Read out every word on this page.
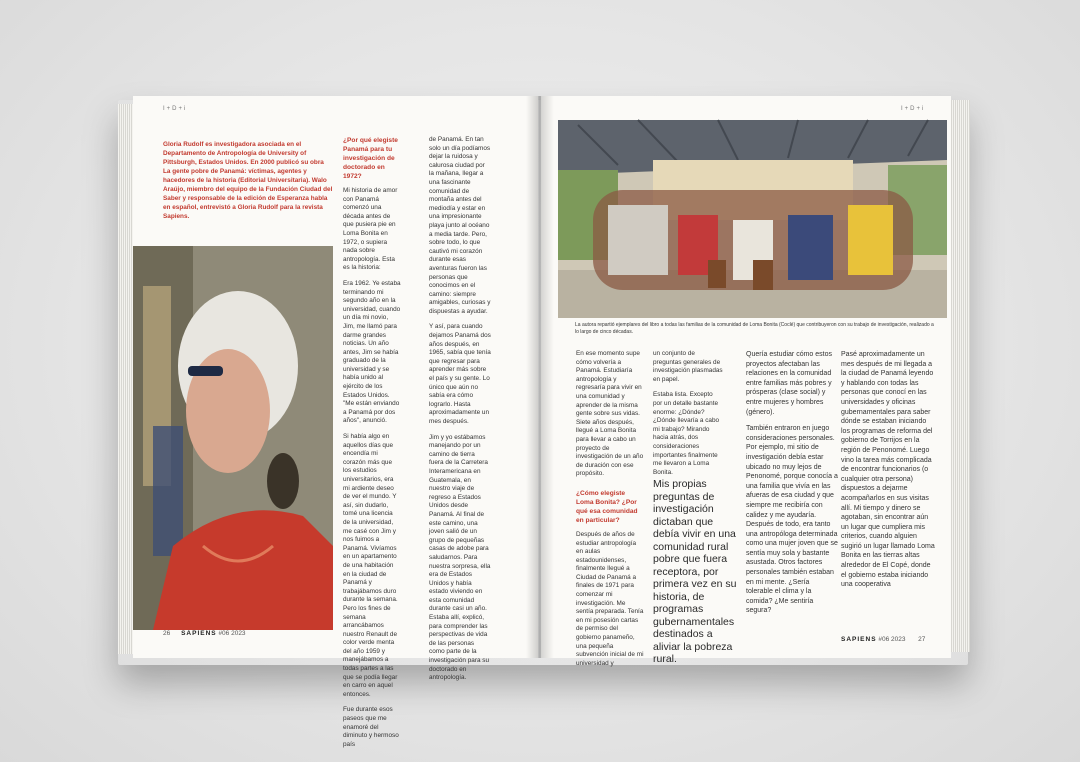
I+D+i
Gloria Rudolf es investigadora asociada en el Departamento de Antropología de University of Pittsburgh, Estados Unidos. En 2000 publicó su obra La gente pobre de Panamá: víctimas, agentes y hacedores de la historia (Editorial Universitaria). Walo Araújo, miembro del equipo de la Fundación Ciudad del Saber y responsable de la edición de Esperanza habla en español, entrevistó a Gloria Rudolf para la revista Sapiens.
¿Por qué elegiste Panamá para tu investigación de doctorado en 1972?

Mi historia de amor con Panamá comenzó una década antes de que pusiera pie en Loma Bonita en 1972, o supiera nada sobre antropología. Esta es la historia:

Era 1962. Ye estaba terminando mi segundo año en la universidad, cuando un día mi novio, Jim, me llamó para darme grandes noticias. Un año antes, Jim se había graduado de la universidad y se había unido al ejército de los Estados Unidos. "Me están enviando a Panamá por dos años", anunció.

Si había algo en aquellos días que encendía mi corazón más que los estudios universitarios, era mi ardiente deseo de ver el mundo. Y así, sin dudarlo, tomé una licencia de la universidad, me casé con Jim y nos fuimos a Panamá. Vivíamos en un apartamento de una habitación en la ciudad de Panamá y trabajábamos duro durante la semana. Pero los fines de semana arrancábamos nuestro Renault de color verde menta del año 1959 y manejábamos a todas partes a las que se podía llegar en carro en aquel entonces.

Fue durante esos paseos que me enamoré del diminuto y hermoso país

de Panamá. En tan solo un día podíamos dejar la ruidosa y calurosa ciudad por la mañana, llegar a una fascinante comunidad de montaña antes del mediodía y estar en una impresionante playa junto al océano a media tarde. Pero, sobre todo, lo que cautivó mi corazón durante esas aventuras fueron las personas que conocimos en el camino: siempre amigables, curiosas y dispuestas a ayudar.

Y así, para cuando dejamos Panamá dos años después, en 1965, sabía que tenía que regresar para aprender más sobre el país y su gente. Lo único que aún no sabía era cómo lograrlo. Hasta aproximadamente un mes después.

Jim y yo estábamos manejando por un camino de tierra fuera de la Carretera Interamericana en Guatemala, en nuestro viaje de regreso a Estados Unidos desde Panamá. Al final de este camino, una joven salió de un grupo de pequeñas casas de adobe para saludarnos. Para nuestra sorpresa, ella era de Estados Unidos y había estado viviendo en esta comunidad durante casi un año. Estaba allí, explicó, para comprender las perspectivas de vida de las personas como parte de la investigación para su doctorado en antropología.

26 SAPIENS #06 2023
I+D+i
La autora repartió ejemplares del libro a todas las familias de la comunidad de Loma Bonita (Coclé) que contribuyeron con su trabajo de investigación, realizado a lo largo de cinco décadas.

En ese momento supe cómo volvería a Panamá. Estudiaría antropología y regresaría para vivir en una comunidad y aprender de la misma gente sobre sus vidas. Siete años después, llegué a Loma Bonita para llevar a cabo un proyecto de investigación de un año de duración con ese propósito.

¿Cómo elegiste Loma Bonita? ¿Por qué esa comunidad en particular?

Después de años de estudiar antropología en aulas estadounidenses, finalmente llegué a Ciudad de Panamá a finales de 1971 para comenzar mi investigación. Me sentía preparada. Tenía en mi posesión cartas de permiso del gobierno panameño, una pequeña subvención inicial de mi universidad y

un conjunto de preguntas generales de investigación plasmadas en papel.

Estaba lista. Excepto por un detalle bastante enorme: ¿Dónde? ¿Dónde llevaría a cabo mi trabajo? Mirando hacia atrás, dos consideraciones importantes finalmente me llevaron a Loma Bonita.

Mis propias preguntas de investigación dictaban que debía vivir en una comunidad rural pobre que fuera receptora, por primera vez en su historia, de programas gubernamentales destinados a aliviar la pobreza rural.

Quería estudiar cómo estos proyectos afectaban las relaciones en la comunidad entre familias más pobres y prósperas (clase social) y entre mujeres y hombres (género).

También entraron en juego consideraciones personales. Por ejemplo, mi sitio de investigación debía estar ubicado no muy lejos de Penonomé, porque conocía a una familia que vivía en las afueras de esa ciudad y que siempre me recibiría con calidez y me ayudaría. Después de todo, era tanto una antropóloga determinada como una mujer joven que se sentía muy sola y bastante asustada. Otros factores personales también estaban en mi mente. ¿Sería tolerable el clima y la comida? ¿Me sentiría segura?

Pasé aproximadamente un mes después de mi llegada a la ciudad de Panamá leyendo y hablando con todas las personas que conocí en las universidades y oficinas gubernamentales para saber dónde se estaban iniciando los programas de reforma del gobierno de Torrijos en la región de Penonomé. Luego vino la tarea más complicada de encontrar funcionarios (o cualquier otra persona) dispuestos a dejarme acompañarlos en sus visitas allí. Mi tiempo y dinero se agotaban, sin encontrar aún un lugar que cumpliera mis criterios, cuando alguien sugirió un lugar llamado Loma Bonita en las tierras altas alrededor de El Copé, donde el gobierno estaba iniciando una cooperativa

SAPIENS #06 2023 27
